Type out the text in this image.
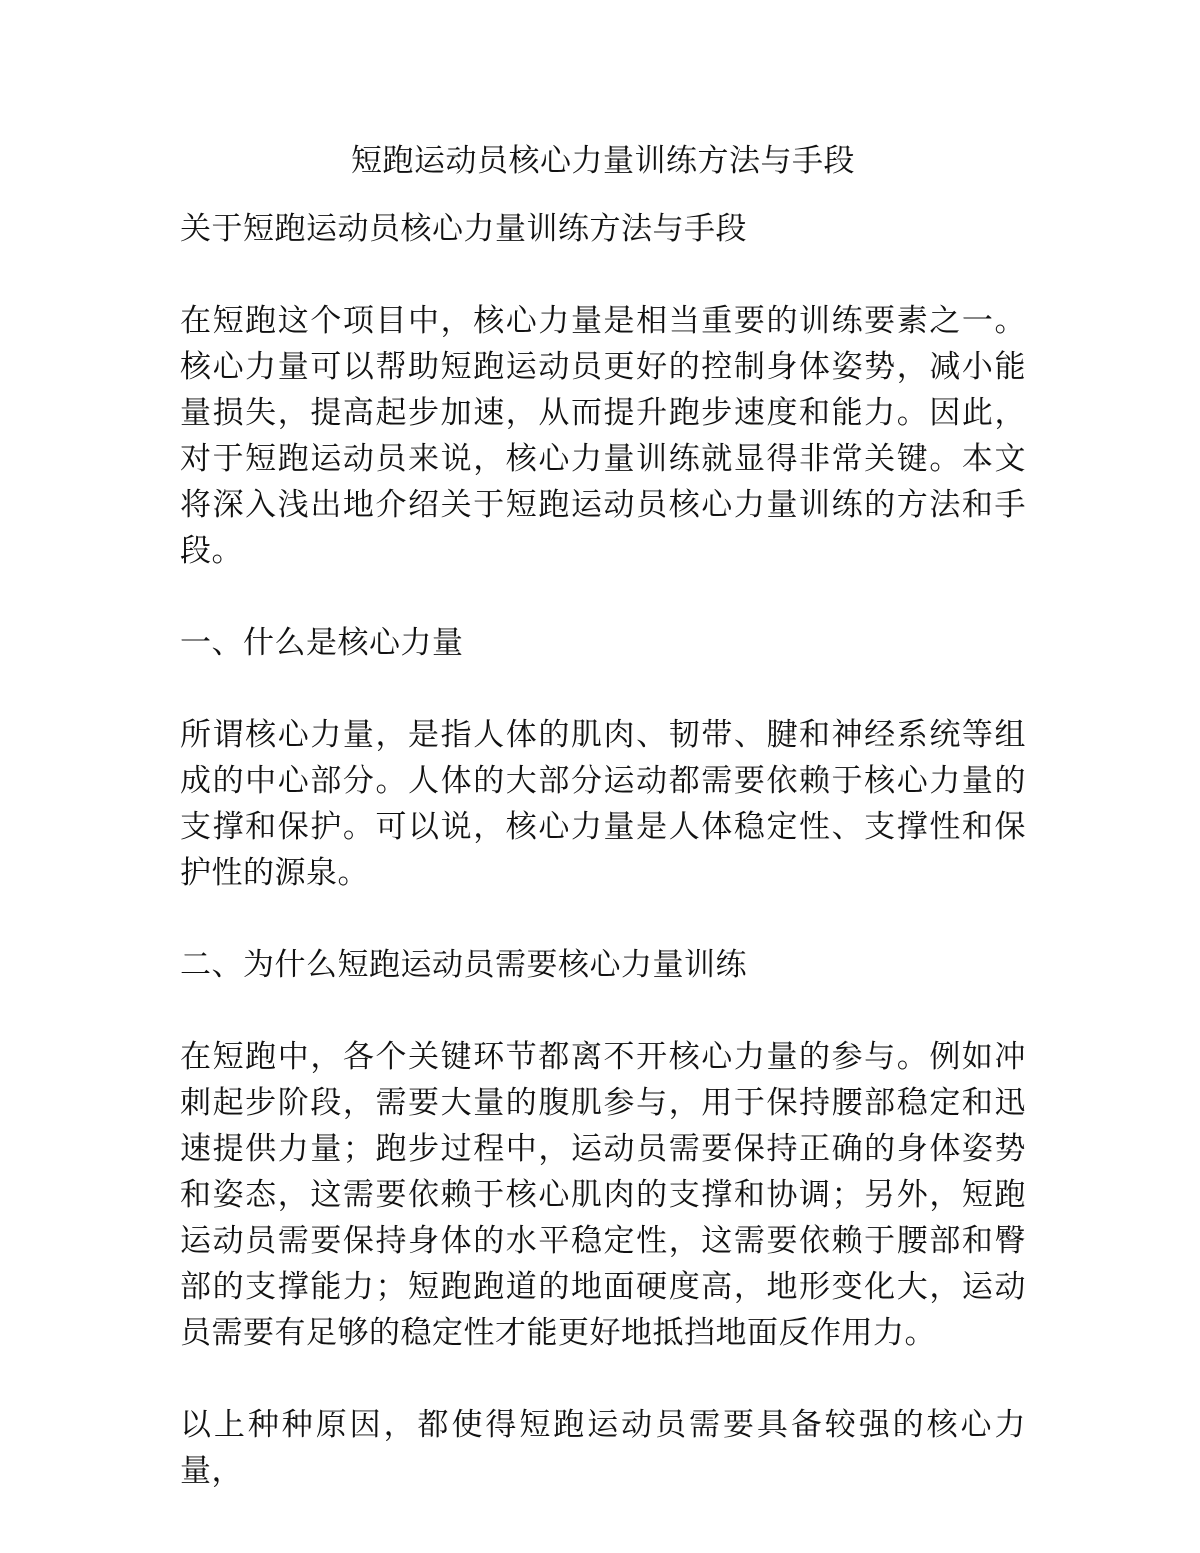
短跑运动员核心力量训练方法与手段
关于短跑运动员核心力量训练方法与手段
在短跑这个项目中，核心力量是相当重要的训练要素之一。核心力量可以帮助短跑运动员更好的控制身体姿势，减小能量损失，提高起步加速，从而提升跑步速度和能力。因此，对于短跑运动员来说，核心力量训练就显得非常关键。本文将深入浅出地介绍关于短跑运动员核心力量训练的方法和手段。
一、什么是核心力量
所谓核心力量，是指人体的肌肉、韧带、腱和神经系统等组成的中心部分。人体的大部分运动都需要依赖于核心力量的支撑和保护。可以说，核心力量是人体稳定性、支撑性和保护性的源泉。
二、为什么短跑运动员需要核心力量训练
在短跑中，各个关键环节都离不开核心力量的参与。例如冲刺起步阶段，需要大量的腹肌参与，用于保持腰部稳定和迅速提供力量；跑步过程中，运动员需要保持正确的身体姿势和姿态，这需要依赖于核心肌肉的支撑和协调；另外，短跑运动员需要保持身体的水平稳定性，这需要依赖于腰部和臀部的支撑能力；短跑跑道的地面硬度高，地形变化大，运动员需要有足够的稳定性才能更好地抵挡地面反作用力。
以上种种原因，都使得短跑运动员需要具备较强的核心力量，
